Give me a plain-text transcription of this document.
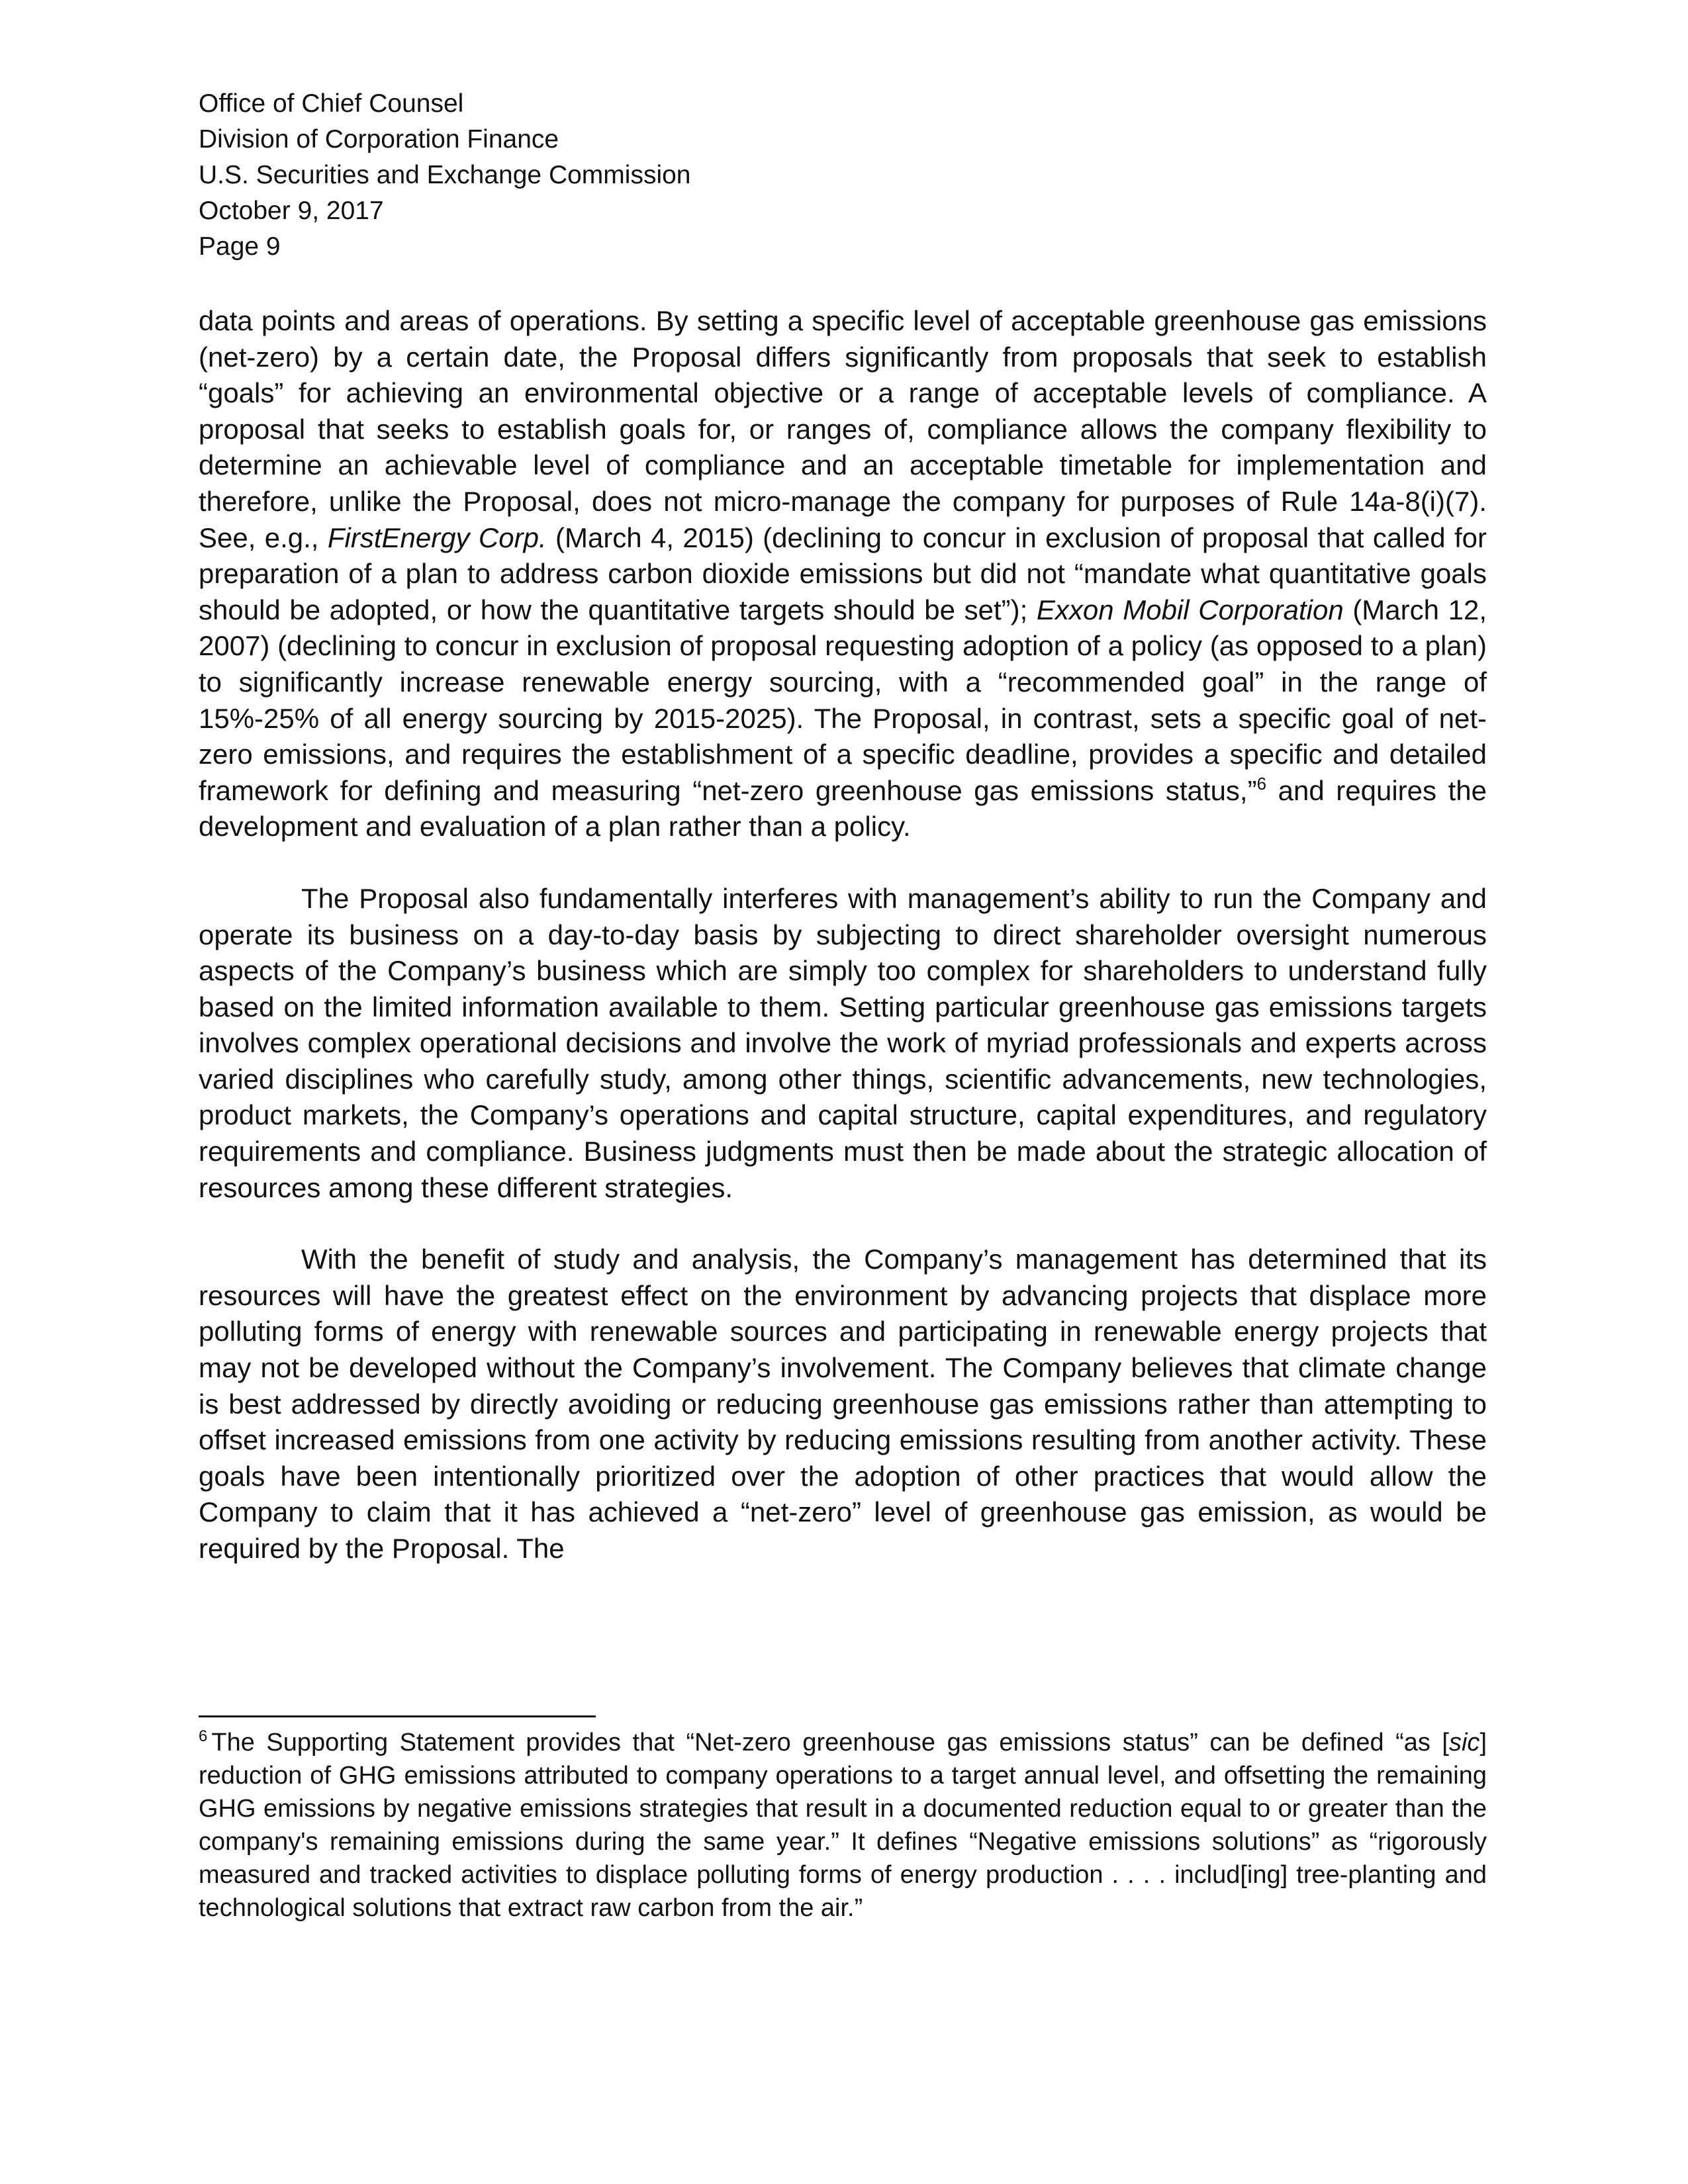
Office of Chief Counsel
Division of Corporation Finance
U.S. Securities and Exchange Commission
October 9, 2017
Page 9

data points and areas of operations. By setting a specific level of acceptable greenhouse gas emissions (net-zero) by a certain date, the Proposal differs significantly from proposals that seek to establish “goals” for achieving an environmental objective or a range of acceptable levels of compliance. A proposal that seeks to establish goals for, or ranges of, compliance allows the company flexibility to determine an achievable level of compliance and an acceptable timetable for implementation and therefore, unlike the Proposal, does not micro-manage the company for purposes of Rule 14a-8(i)(7). See, e.g., FirstEnergy Corp. (March 4, 2015) (declining to concur in exclusion of proposal that called for preparation of a plan to address carbon dioxide emissions but did not “mandate what quantitative goals should be adopted, or how the quantitative targets should be set”); Exxon Mobil Corporation (March 12, 2007) (declining to concur in exclusion of proposal requesting adoption of a policy (as opposed to a plan) to significantly increase renewable energy sourcing, with a “recommended goal” in the range of 15%-25% of all energy sourcing by 2015-2025). The Proposal, in contrast, sets a specific goal of net-zero emissions, and requires the establishment of a specific deadline, provides a specific and detailed framework for defining and measuring “net-zero greenhouse gas emissions status,”$^6$ and requires the development and evaluation of a plan rather than a policy.

The Proposal also fundamentally interferes with management’s ability to run the Company and operate its business on a day-to-day basis by subjecting to direct shareholder oversight numerous aspects of the Company’s business which are simply too complex for shareholders to understand fully based on the limited information available to them. Setting particular greenhouse gas emissions targets involves complex operational decisions and involve the work of myriad professionals and experts across varied disciplines who carefully study, among other things, scientific advancements, new technologies, product markets, the Company’s operations and capital structure, capital expenditures, and regulatory requirements and compliance. Business judgments must then be made about the strategic allocation of resources among these different strategies.

With the benefit of study and analysis, the Company’s management has determined that its resources will have the greatest effect on the environment by advancing projects that displace more polluting forms of energy with renewable sources and participating in renewable energy projects that may not be developed without the Company’s involvement. The Company believes that climate change is best addressed by directly avoiding or reducing greenhouse gas emissions rather than attempting to offset increased emissions from one activity by reducing emissions resulting from another activity. These goals have been intentionally prioritized over the adoption of other practices that would allow the Company to claim that it has achieved a “net-zero” level of greenhouse gas emission, as would be required by the Proposal. The

$^6$ The Supporting Statement provides that “Net-zero greenhouse gas emissions status” can be defined “as [sic] reduction of GHG emissions attributed to company operations to a target annual level, and offsetting the remaining GHG emissions by negative emissions strategies that result in a documented reduction equal to or greater than the company's remaining emissions during the same year.” It defines “Negative emissions solutions” as “rigorously measured and tracked activities to displace polluting forms of energy production . . . . includ[ing] tree-planting and technological solutions that extract raw carbon from the air.”
